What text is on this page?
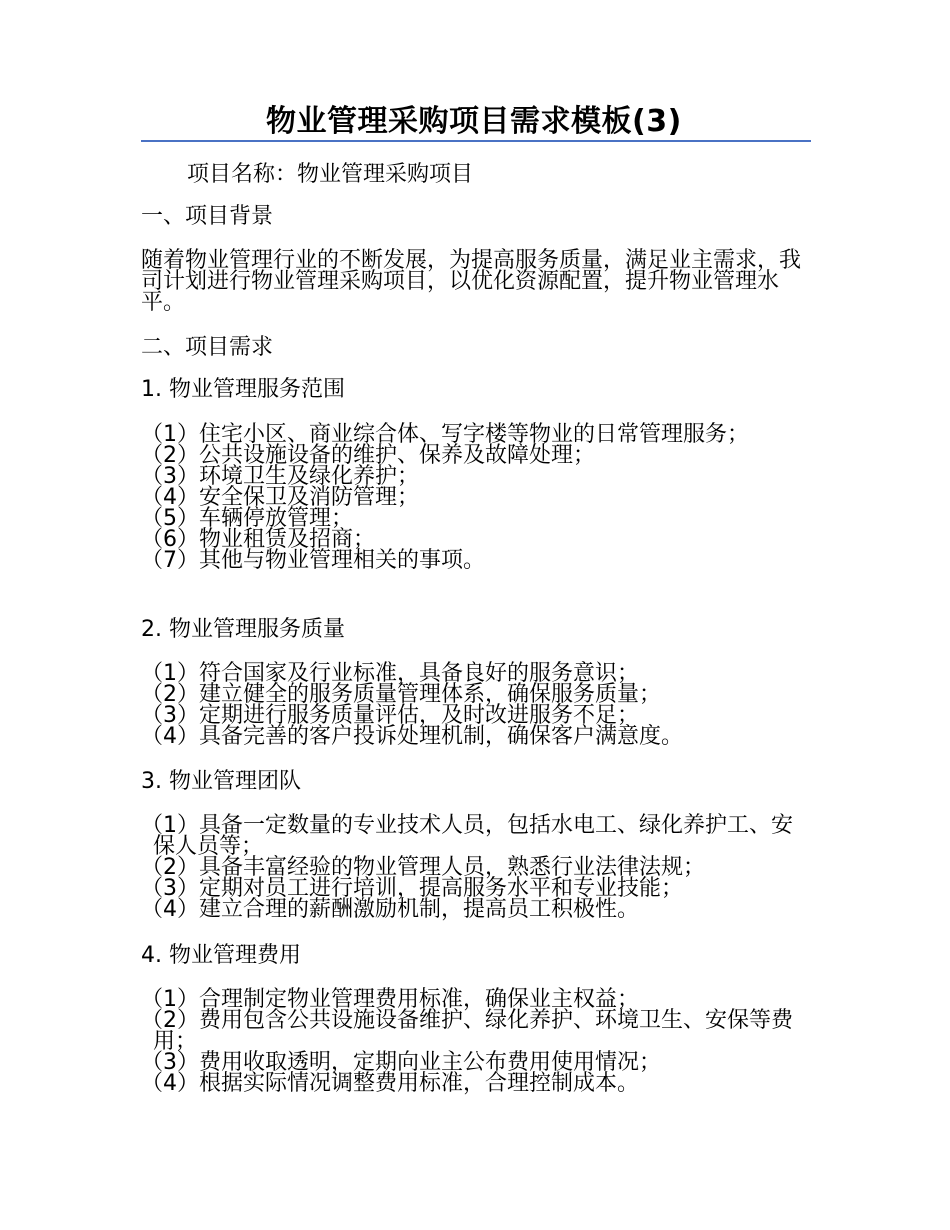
物业管理采购项目需求模板(3)
项目名称：物业管理采购项目
一、项目背景
随着物业管理行业的不断发展，为提高服务质量，满足业主需求，我司计划进行物业管理采购项目，以优化资源配置，提升物业管理水平。
二、项目需求
1. 物业管理服务范围
（1）住宅小区、商业综合体、写字楼等物业的日常管理服务；
（2）公共设施设备的维护、保养及故障处理；
（3）环境卫生及绿化养护；
（4）安全保卫及消防管理；
（5）车辆停放管理；
（6）物业租赁及招商；
（7）其他与物业管理相关的事项。
2. 物业管理服务质量
（1）符合国家及行业标准，具备良好的服务意识；
（2）建立健全的服务质量管理体系，确保服务质量；
（3）定期进行服务质量评估，及时改进服务不足；
（4）具备完善的客户投诉处理机制，确保客户满意度。
3. 物业管理团队
（1）具备一定数量的专业技术人员，包括水电工、绿化养护工、安保人员等；
（2）具备丰富经验的物业管理人员，熟悉行业法律法规；
（3）定期对员工进行培训，提高服务水平和专业技能；
（4）建立合理的薪酬激励机制，提高员工积极性。
4. 物业管理费用
（1）合理制定物业管理费用标准，确保业主权益；
（2）费用包含公共设施设备维护、绿化养护、环境卫生、安保等费用；
（3）费用收取透明，定期向业主公布费用使用情况；
（4）根据实际情况调整费用标准，合理控制成本。
